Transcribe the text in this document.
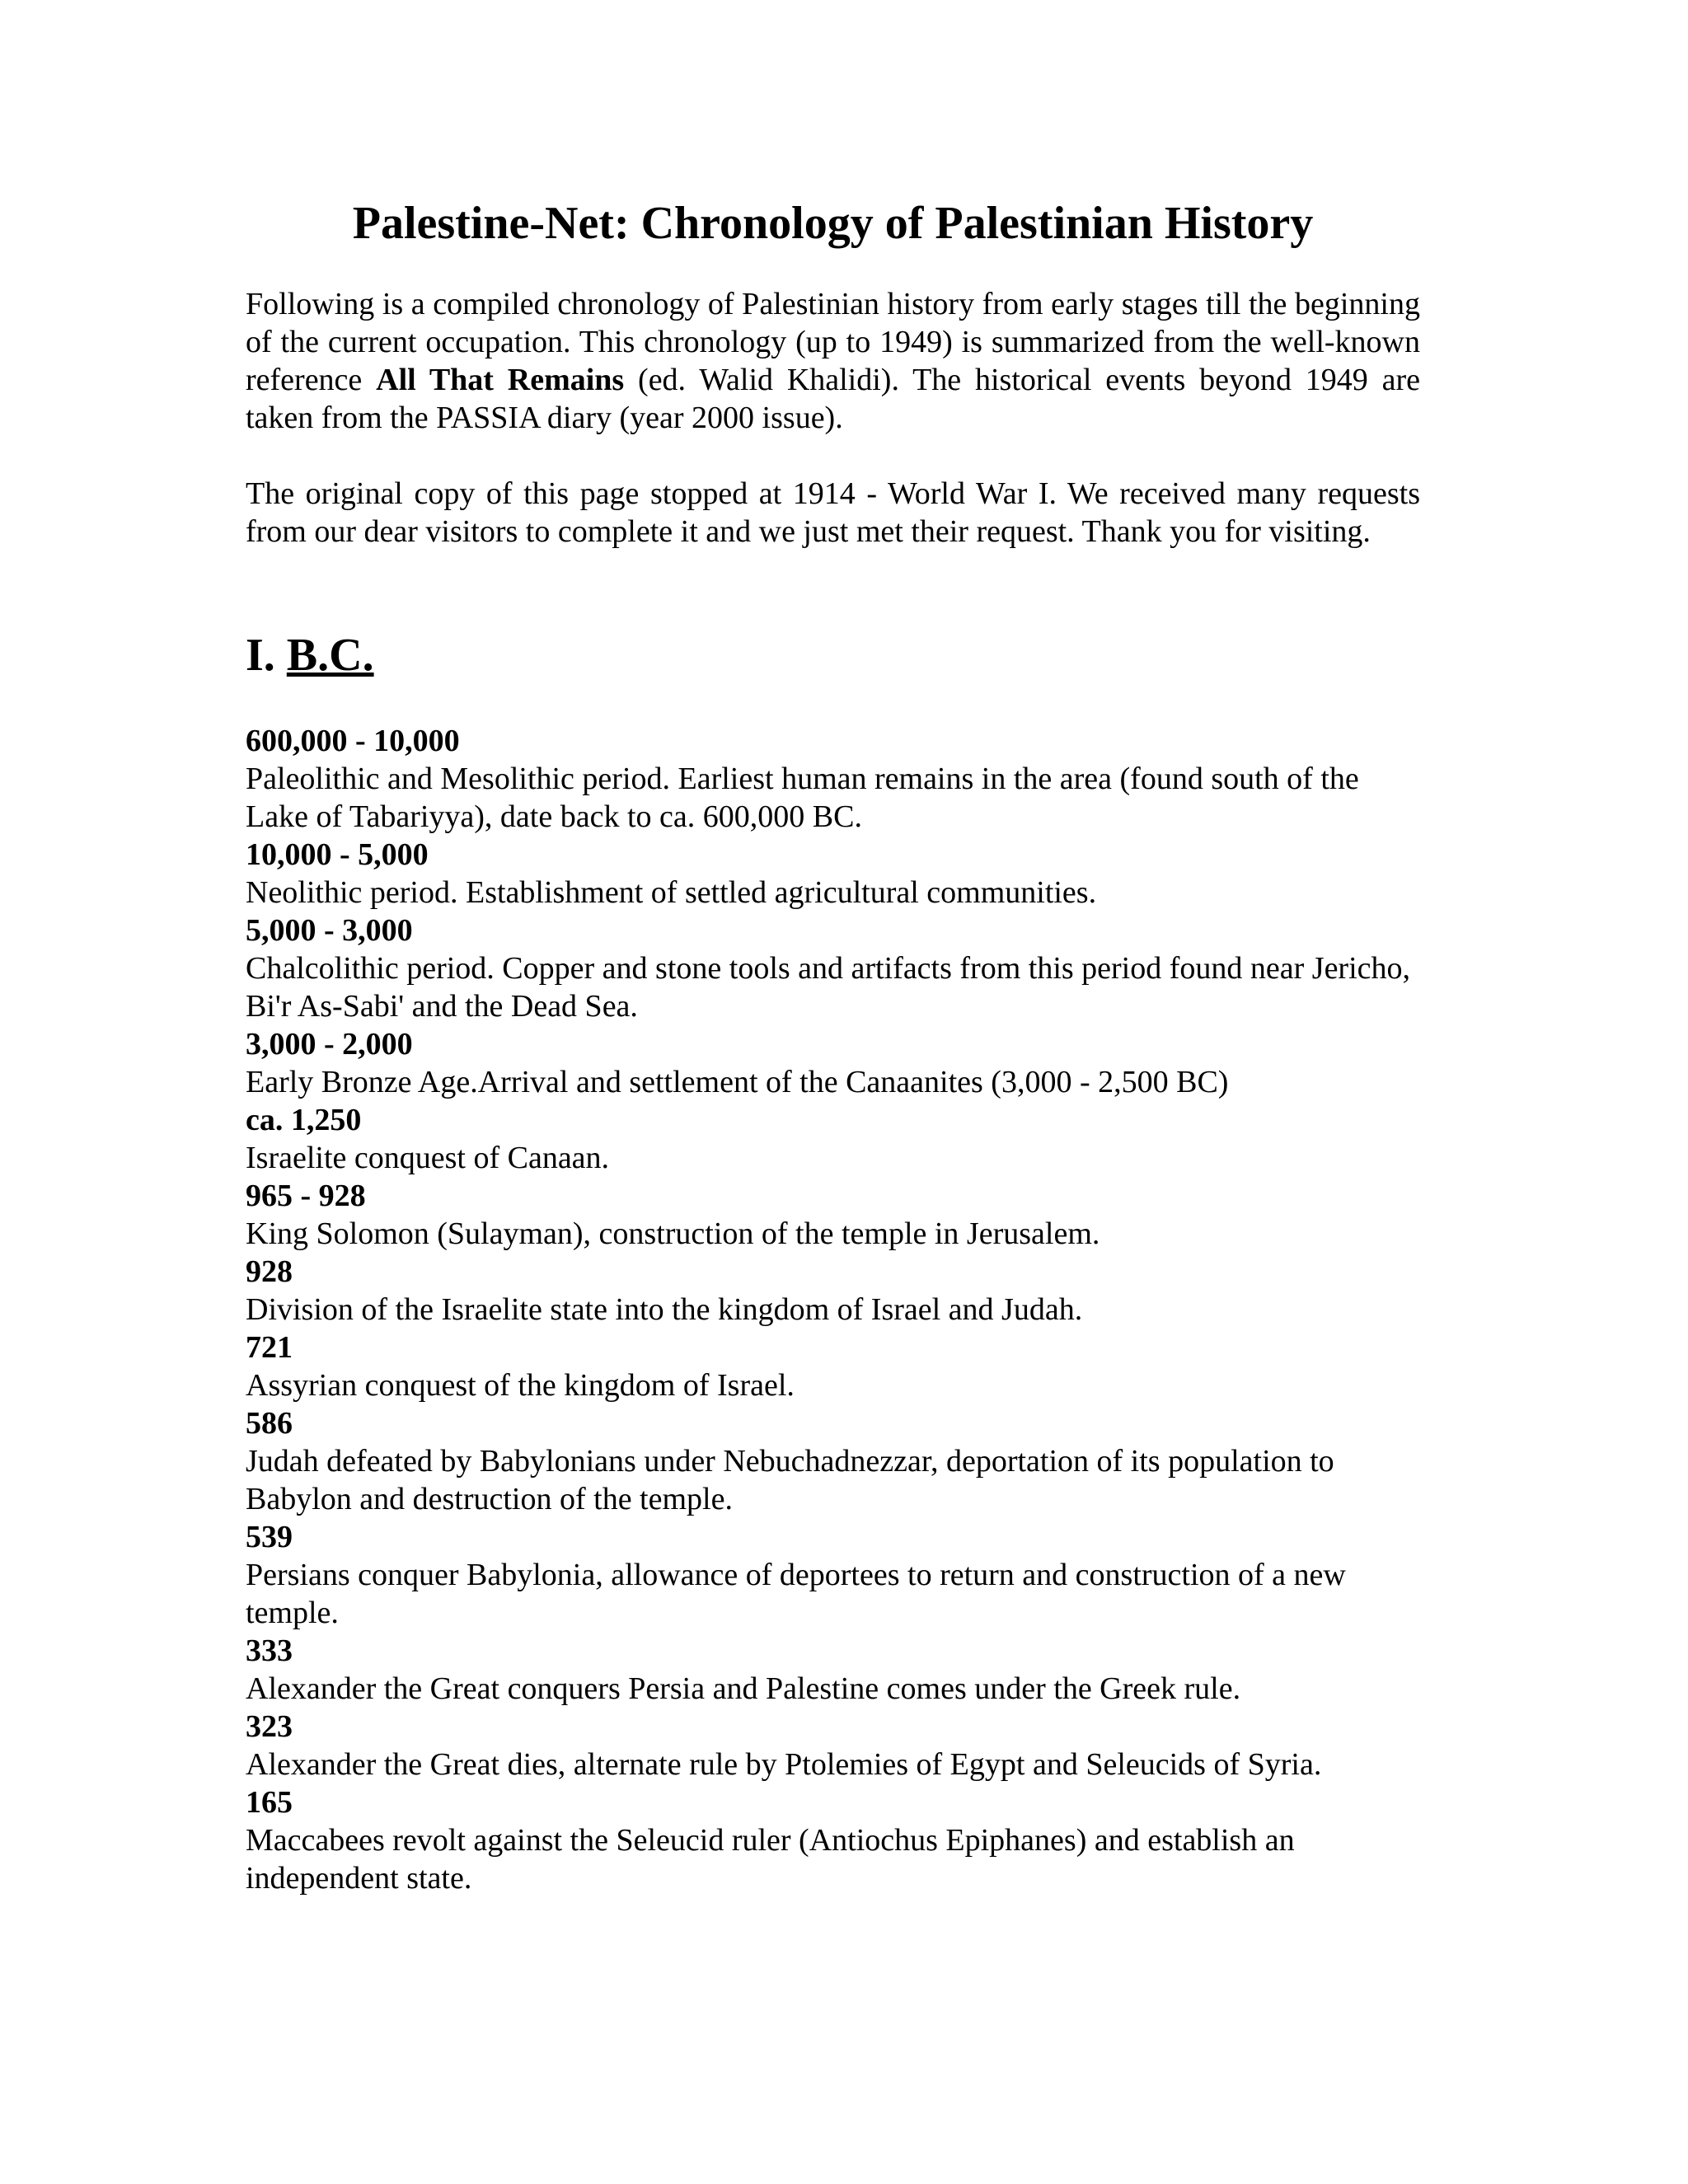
Palestine-Net: Chronology of Palestinian History

Following is a compiled chronology of Palestinian history from early stages till the beginning of the current occupation. This chronology (up to 1949) is summarized from the well-known reference All That Remains (ed. Walid Khalidi). The historical events beyond 1949 are taken from the PASSIA diary (year 2000 issue).

The original copy of this page stopped at 1914 - World War I. We received many requests from our dear visitors to complete it and we just met their request. Thank you for visiting.

I. B.C.

600,000 - 10,000

Paleolithic and Mesolithic period. Earliest human remains in the area (found south of the Lake of Tabariyya), date back to ca. 600,000 BC.

10,000 - 5,000

Neolithic period. Establishment of settled agricultural communities.

5,000 - 3,000

Chalcolithic period. Copper and stone tools and artifacts from this period found near Jericho, Bi'r As-Sabi' and the Dead Sea.

3,000 - 2,000

Early Bronze Age.Arrival and settlement of the Canaanites (3,000 - 2,500 BC)

ca. 1,250

Israelite conquest of Canaan.

965 - 928

King Solomon (Sulayman), construction of the temple in Jerusalem.

928

Division of the Israelite state into the kingdom of Israel and Judah.

721

Assyrian conquest of the kingdom of Israel.

586

Judah defeated by Babylonians under Nebuchadnezzar, deportation of its population to Babylon and destruction of the temple.

539

Persians conquer Babylonia, allowance of deportees to return and construction of a new temple.

333

Alexander the Great conquers Persia and Palestine comes under the Greek rule.

323

Alexander the Great dies, alternate rule by Ptolemies of Egypt and Seleucids of Syria.

165

Maccabees revolt against the Seleucid ruler (Antiochus Epiphanes) and establish an independent state.
